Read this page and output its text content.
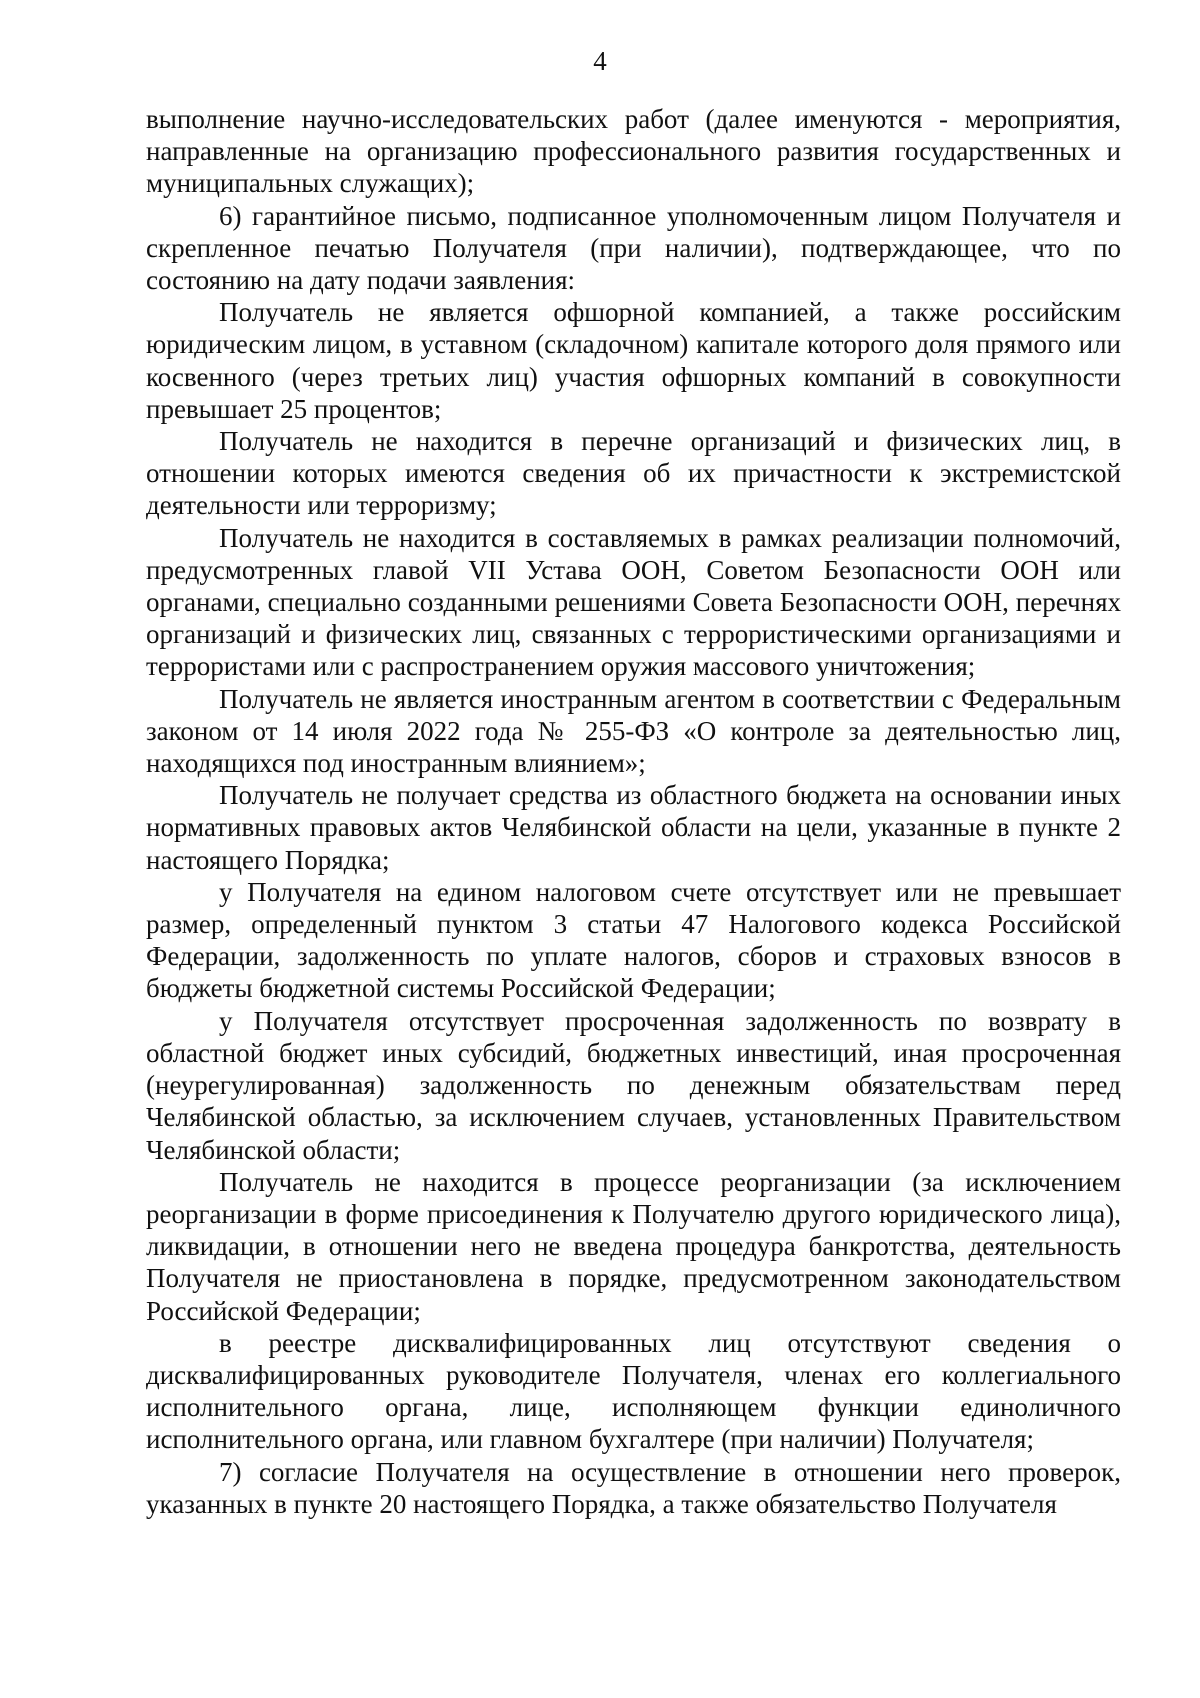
4

выполнение научно-исследовательских работ (далее именуются - мероприятия, направленные на организацию профессионального развития государственных и муниципальных служащих);

6) гарантийное письмо, подписанное уполномоченным лицом Получателя и скрепленное печатью Получателя (при наличии), подтверждающее, что по состоянию на дату подачи заявления:

Получатель не является офшорной компанией, а также российским юридическим лицом, в уставном (складочном) капитале которого доля прямого или косвенного (через третьих лиц) участия офшорных компаний в совокупности превышает 25 процентов;

Получатель не находится в перечне организаций и физических лиц, в отношении которых имеются сведения об их причастности к экстремистской деятельности или терроризму;

Получатель не находится в составляемых в рамках реализации полномочий, предусмотренных главой VII Устава ООН, Советом Безопасности ООН или органами, специально созданными решениями Совета Безопасности ООН, перечнях организаций и физических лиц, связанных с террористическими организациями и террористами или с распространением оружия массового уничтожения;

Получатель не является иностранным агентом в соответствии с Федеральным законом от 14 июля 2022 года № 255-ФЗ «О контроле за деятельностью лиц, находящихся под иностранным влиянием»;

Получатель не получает средства из областного бюджета на основании иных нормативных правовых актов Челябинской области на цели, указанные в пункте 2 настоящего Порядка;

у Получателя на едином налоговом счете отсутствует или не превышает размер, определенный пунктом 3 статьи 47 Налогового кодекса Российской Федерации, задолженность по уплате налогов, сборов и страховых взносов в бюджеты бюджетной системы Российской Федерации;

у Получателя отсутствует просроченная задолженность по возврату в областной бюджет иных субсидий, бюджетных инвестиций, иная просроченная (неурегулированная) задолженность по денежным обязательствам перед Челябинской областью, за исключением случаев, установленных Правительством Челябинской области;

Получатель не находится в процессе реорганизации (за исключением реорганизации в форме присоединения к Получателю другого юридического лица), ликвидации, в отношении него не введена процедура банкротства, деятельность Получателя не приостановлена в порядке, предусмотренном законодательством Российской Федерации;

в реестре дисквалифицированных лиц отсутствуют сведения о дисквалифицированных руководителе Получателя, членах его коллегиального исполнительного органа, лице, исполняющем функции единоличного исполнительного органа, или главном бухгалтере (при наличии) Получателя;

7) согласие Получателя на осуществление в отношении него проверок, указанных в пункте 20 настоящего Порядка, а также обязательство Получателя
